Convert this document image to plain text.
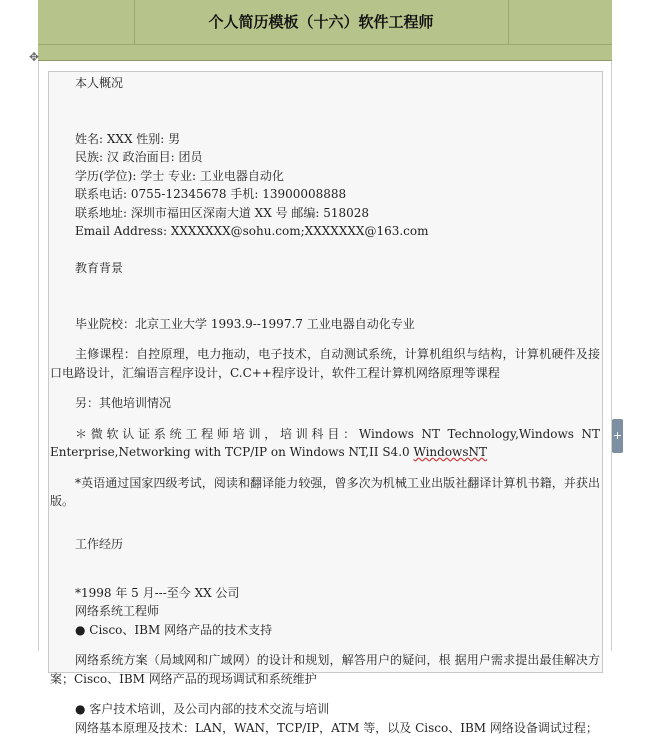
个人简历模板（十六）软件工程师
✥

本人概况

姓名: XXX 性别: 男

民族: 汉 政治面目: 团员

学历(学位): 学士 专业: 工业电器自动化

联系电话: 0755-12345678 手机: 13900008888

联系地址: 深圳市福田区深南大道 XX 号 邮编: 518028

Email Address: XXXXXXX@sohu.com;XXXXXXX@163.com

教育背景

毕业院校：北京工业大学 1993.9--1997.7 工业电器自动化专业

主修课程：自控原理，电力拖动，电子技术，自动测试系统，计算机组织与结构，计算机硬件及接口电路设计，汇编语言程序设计，C.C++程序设计，软件工程计算机网络原理等课程

另：其他培训情况

＊微软认证系统工程师培训，培训科目：Windows NT Technology,Windows NT Enterprise,Networking with TCP/IP on Windows NT,II S4.0 WindowsNT

*英语通过国家四级考试，阅读和翻译能力较强，曾多次为机械工业出版社翻译计算机书籍，并获出版。

工作经历

*1998 年 5 月---至今 XX 公司

网络系统工程师

● Cisco、IBM 网络产品的技术支持

网络系统方案（局域网和广域网）的设计和规划，解答用户的疑问，根 据用户需求提出最佳解决方案；Cisco、IBM 网络产品的现场调试和系统维护

● 客户技术培训，及公司内部的技术交流与培训

网络基本原理及技术：LAN，WAN，TCP/IP，ATM 等，以及 Cisco、IBM 网络设备调试过程；

+
